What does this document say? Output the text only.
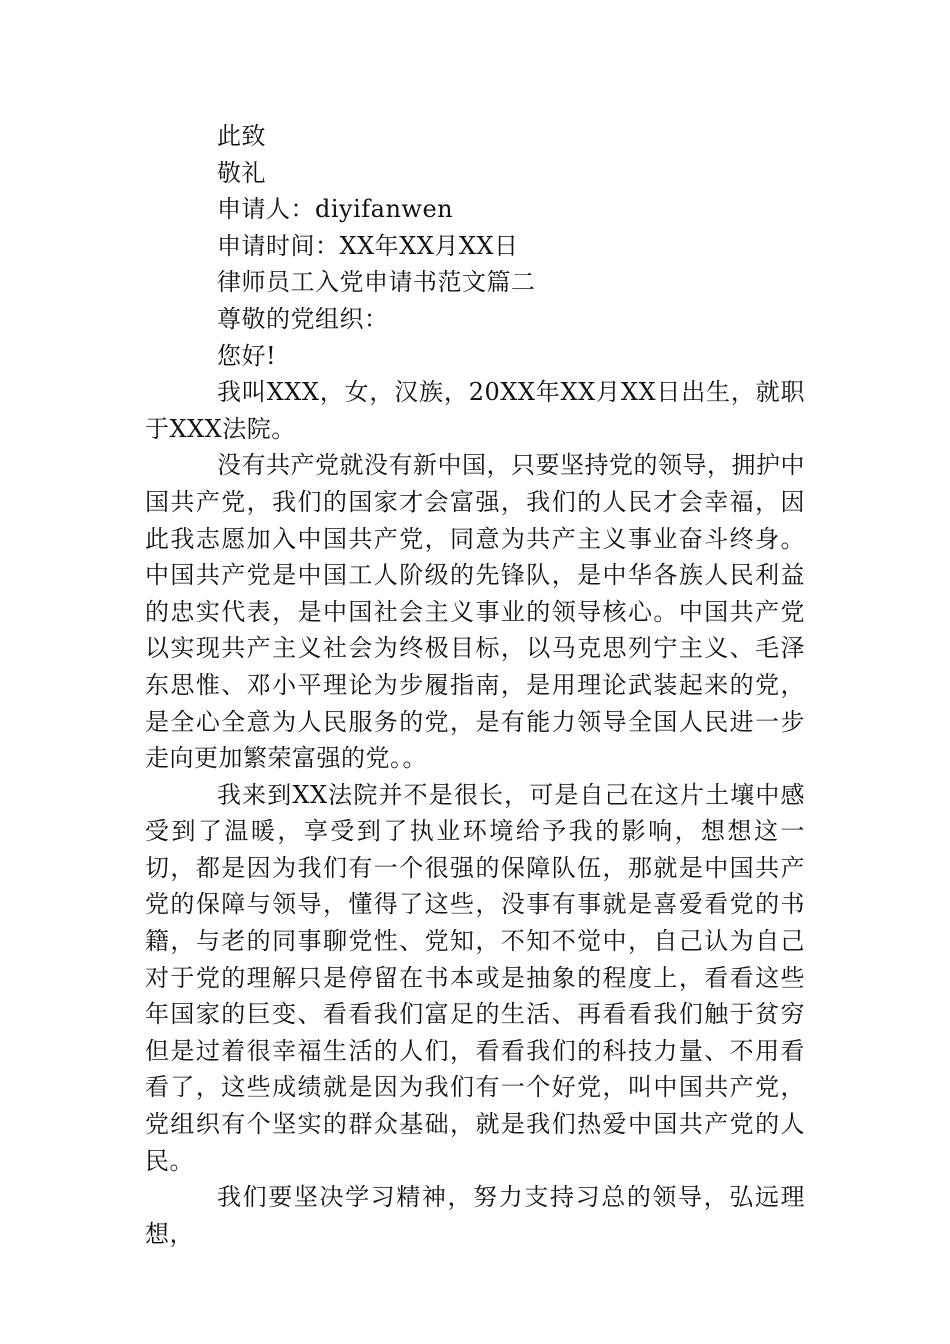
此致

敬礼

申请人：diyifanwen

申请时间：XX年XX月XX日

律师员工入党申请书范文篇二

尊敬的党组织：

您好!

我叫XXX，女，汉族，20XX年XX月XX日出生，就职于XXX法院。

没有共产党就没有新中国，只要坚持党的领导，拥护中国共产党，我们的国家才会富强，我们的人民才会幸福，因此我志愿加入中国共产党，同意为共产主义事业奋斗终身。中国共产党是中国工人阶级的先锋队，是中华各族人民利益的忠实代表，是中国社会主义事业的领导核心。中国共产党以实现共产主义社会为终极目标，以马克思列宁主义、毛泽东思惟、邓小平理论为步履指南，是用理论武装起来的党，是全心全意为人民服务的党，是有能力领导全国人民进一步走向更加繁荣富强的党。。

我来到XX法院并不是很长，可是自己在这片土壤中感受到了温暖，享受到了执业环境给予我的影响，想想这一切，都是因为我们有一个很强的保障队伍，那就是中国共产党的保障与领导，懂得了这些，没事有事就是喜爱看党的书籍，与老的同事聊党性、党知，不知不觉中，自己认为自己对于党的理解只是停留在书本或是抽象的程度上，看看这些年国家的巨变、看看我们富足的生活、再看看我们触于贫穷但是过着很幸福生活的人们，看看我们的科技力量、不用看看了，这些成绩就是因为我们有一个好党，叫中国共产党，党组织有个坚实的群众基础，就是我们热爱中国共产党的人民。

我们要坚决学习精神，努力支持习总的领导，弘远理想，
